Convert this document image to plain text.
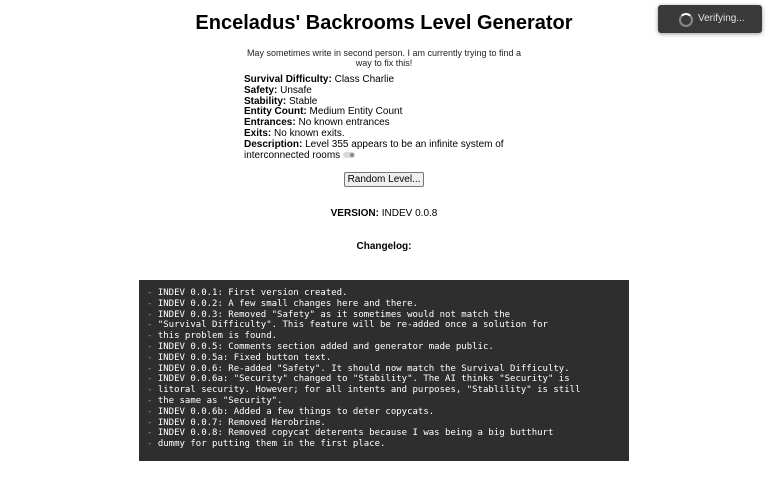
Enceladus' Backrooms Level Generator	Verifying...
May sometimes write in second person. I am currently trying to find a way to fix this!
Survival Difficulty: Class Charlie
Safety: Unsafe
Stability: Stable
Entity Count: Medium Entity Count
Entrances: No known entrances
Exits: No known exits.
Description: Level 355 appears to be an infinite system of interconnected rooms
Random Level...
VERSION: INDEV 0.0.8
Changelog:
- INDEV 0.0.1: First version created.
- INDEV 0.0.2: A few small changes here and there.
- INDEV 0.0.3: Removed "Safety" as it sometimes would not match the
- "Survival Difficulty". This feature will be re-added once a solution for
- this problem is found.
- INDEV 0.0.5: Comments section added and generator made public.
- INDEV 0.0.5a: Fixed button text.
- INDEV 0.0.6: Re-added "Safety". It should now match the Survival Difficulty.
- INDEV 0.0.6a: "Security" changed to "Stability". The AI thinks "Security" is
- litoral security. However; for all intents and purposes, "Stablility" is still
- the same as "Security".
- INDEV 0.0.6b: Added a few things to deter copycats.
- INDEV 0.0.7: Removed Herobrine.
- INDEV 0.0.8: Removed copycat deterents because I was being a big butthurt
- dummy for putting them in the first place.
